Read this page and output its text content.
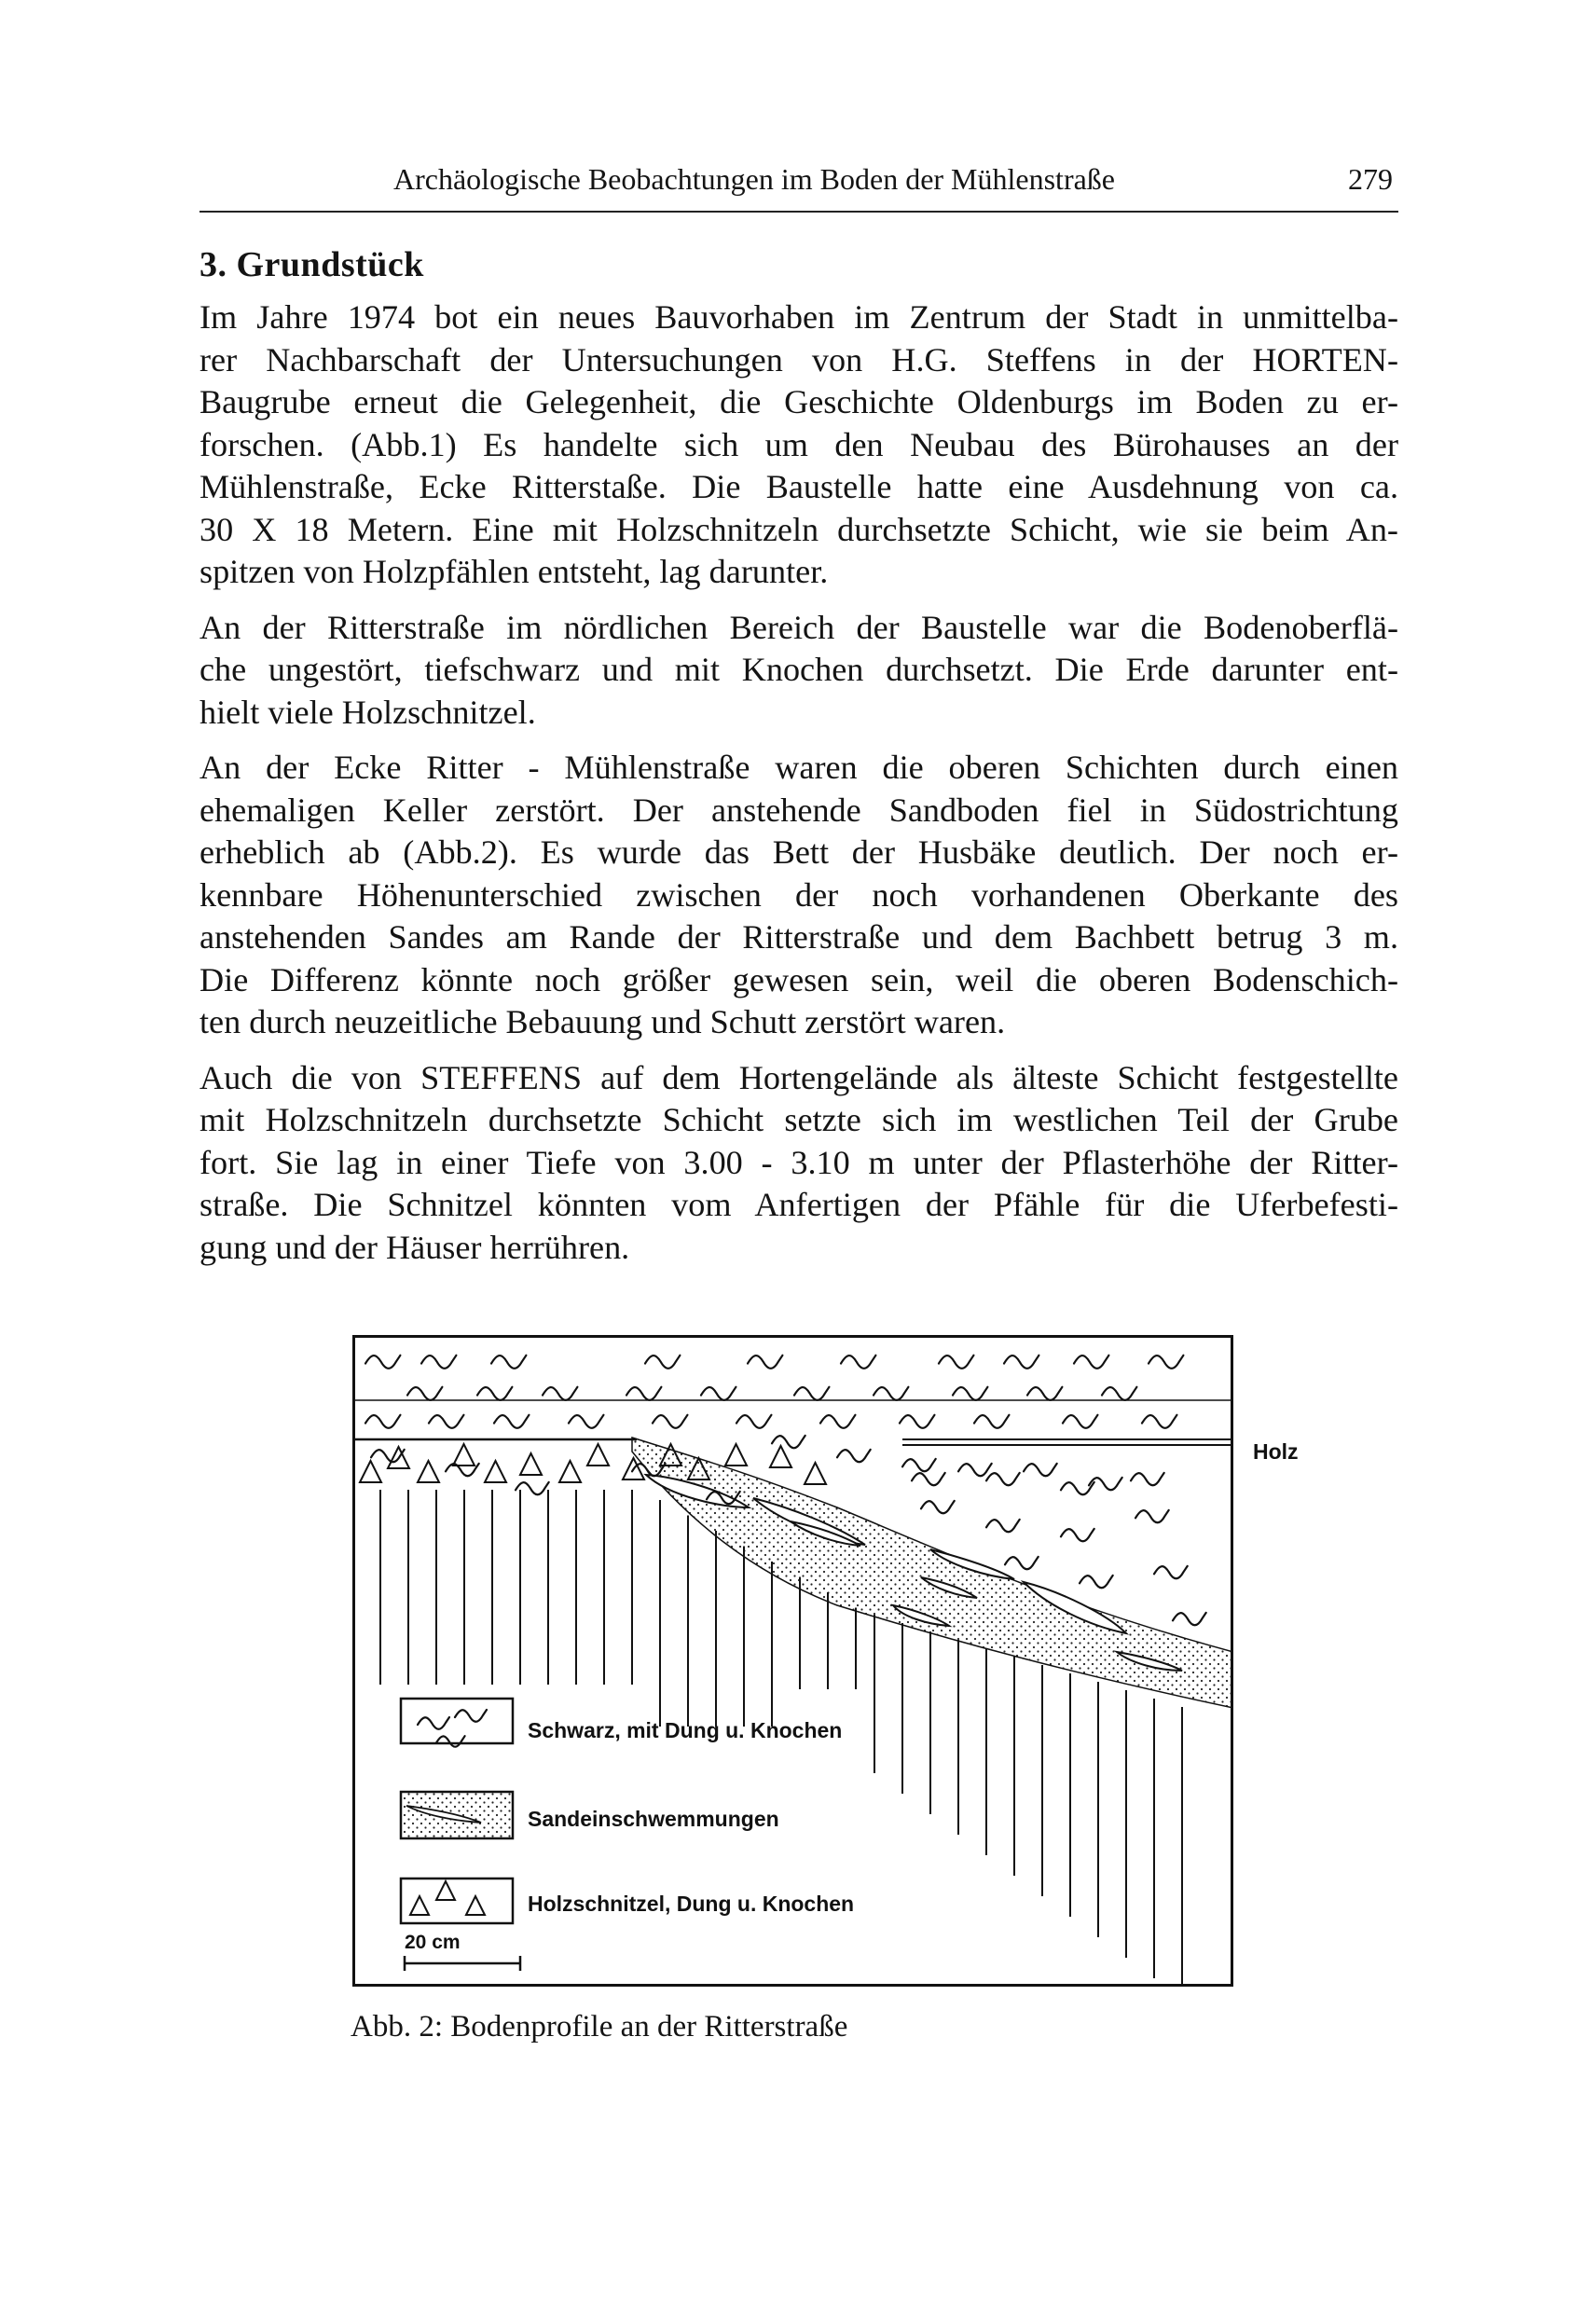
Archäologische Beobachtungen im Boden der Mühlenstraße	279
3. Grundstück

Im Jahre 1974 bot ein neues Bauvorhaben im Zentrum der Stadt in unmittelba-
rer Nachbarschaft der Untersuchungen von H.G. Steffens in der HORTEN-
Baugrube erneut die Gelegenheit, die Geschichte Oldenburgs im Boden zu er-
forschen. (Abb.1) Es handelte sich um den Neubau des Bürohauses an der
Mühlenstraße, Ecke Ritterstaße. Die Baustelle hatte eine Ausdehnung von ca.
30 X 18 Metern. Eine mit Holzschnitzeln durchsetzte Schicht, wie sie beim An-
spitzen von Holzpfählen entsteht, lag darunter.

An der Ritterstraße im nördlichen Bereich der Baustelle war die Bodenoberflä-
che ungestört, tiefschwarz und mit Knochen durchsetzt. Die Erde darunter ent-
hielt viele Holzschnitzel.

An der Ecke Ritter - Mühlenstraße waren die oberen Schichten durch einen
ehemaligen Keller zerstört. Der anstehende Sandboden fiel in Südostrichtung
erheblich ab (Abb.2). Es wurde das Bett der Husbäke deutlich. Der noch er-
kennbare Höhenunterschied zwischen der noch vorhandenen Oberkante des
anstehenden Sandes am Rande der Ritterstraße und dem Bachbett betrug 3 m.
Die Differenz könnte noch größer gewesen sein, weil die oberen Bodenschich-
ten durch neuzeitliche Bebauung und Schutt zerstört waren.

Auch die von STEFFENS auf dem Hortengelände als älteste Schicht festgestellte
mit Holzschnitzeln durchsetzte Schicht setzte sich im westlichen Teil der Grube
fort. Sie lag in einer Tiefe von 3.00 - 3.10 m unter der Pflasterhöhe der Ritter-
straße. Die Schnitzel könnten vom Anfertigen der Pfähle für die Uferbefesti-
gung und der Häuser herrühren.

Holz
Schwarz, mit Dung u. Knochen
Sandeinschwemmungen
Holzschnitzel, Dung u. Knochen
20 cm
Abb. 2: Bodenprofile an der Ritterstraße
